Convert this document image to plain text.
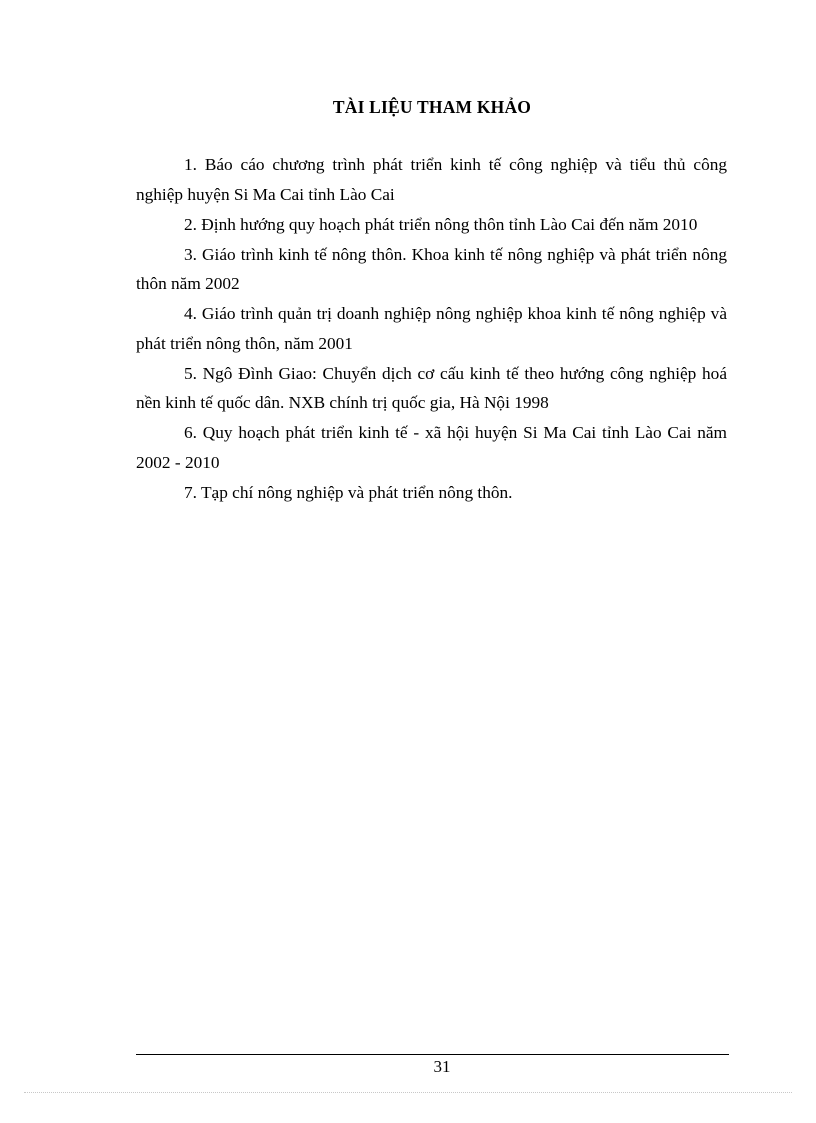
TÀI LIỆU THAM KHẢO
1. Báo cáo chương trình phát triển kinh tế công nghiệp và tiểu thủ công nghiệp huyện Si Ma Cai tỉnh Lào Cai
2. Định hướng quy hoạch phát triển nông thôn tỉnh Lào Cai đến năm 2010
3. Giáo trình kinh tế nông thôn. Khoa kinh tế nông nghiệp và phát triển nông thôn năm 2002
4. Giáo trình quản trị doanh nghiệp nông nghiệp khoa kinh tế nông nghiệp và phát triển nông thôn, năm 2001
5. Ngô Đình Giao: Chuyển dịch cơ cấu kinh tế theo hướng công nghiệp hoá nền kinh tế quốc dân. NXB chính trị quốc gia, Hà Nội 1998
6. Quy hoạch phát triển kinh tế - xã hội huyện Si Ma Cai tỉnh Lào Cai năm 2002 - 2010
7. Tạp chí nông nghiệp và phát triển nông thôn.
31
